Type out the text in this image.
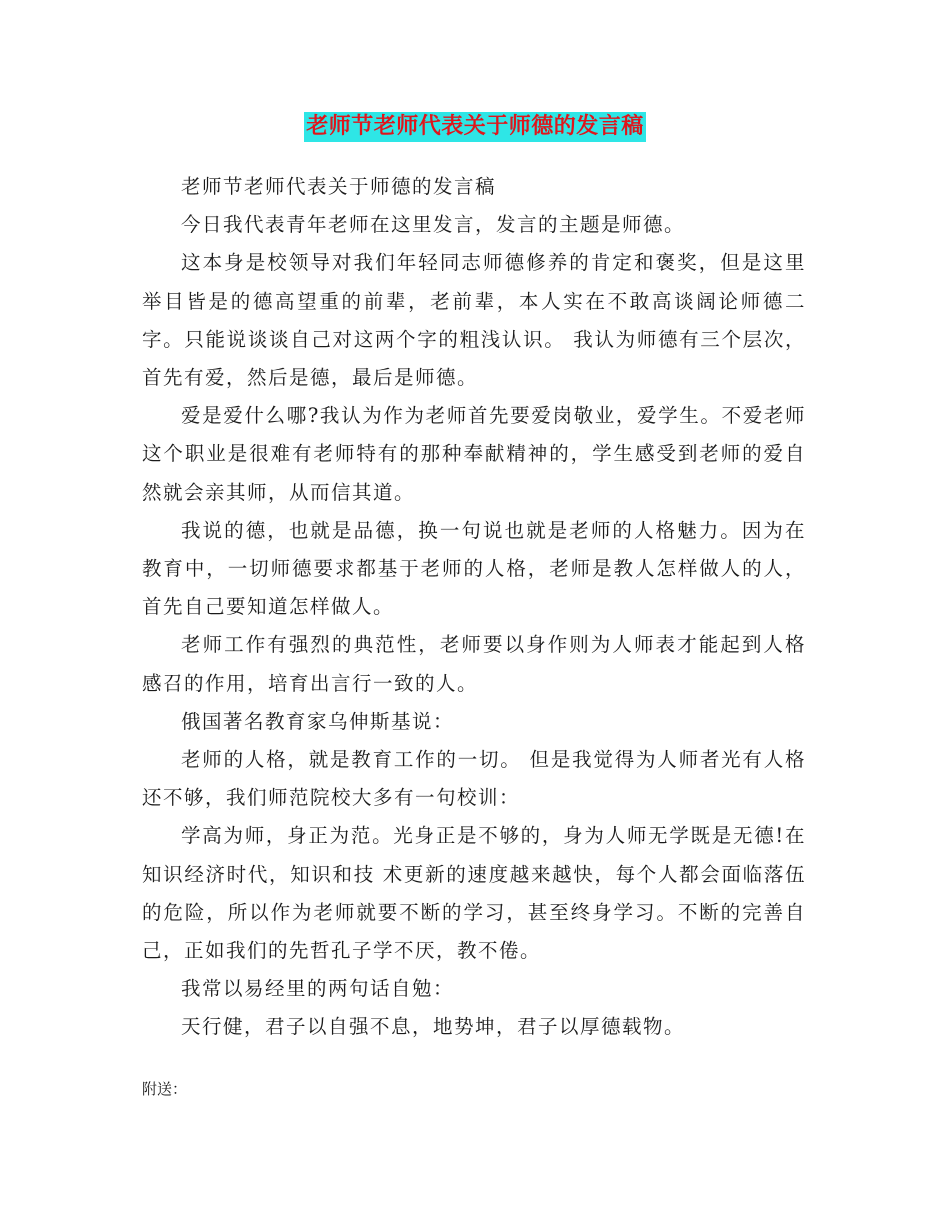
老师节老师代表关于师德的发言稿

老师节老师代表关于师德的发言稿

今日我代表青年老师在这里发言，发言的主题是师德。

这本身是校领导对我们年轻同志师德修养的肯定和褒奖，但是这里举目皆是的德高望重的前辈，老前辈，本人实在不敢高谈阔论师德二字。只能说谈谈自己对这两个字的粗浅认识。 我认为师德有三个层次，首先有爱，然后是德，最后是师德。

爱是爱什么哪?我认为作为老师首先要爱岗敬业，爱学生。不爱老师这个职业是很难有老师特有的那种奉献精神的，学生感受到老师的爱自然就会亲其师，从而信其道。

我说的德，也就是品德，换一句说也就是老师的人格魅力。因为在教育中，一切师德要求都基于老师的人格，老师是教人怎样做人的人，首先自己要知道怎样做人。

老师工作有强烈的典范性，老师要以身作则为人师表才能起到人格感召的作用，培育出言行一致的人。

俄国著名教育家乌伸斯基说：

老师的人格，就是教育工作的一切。 但是我觉得为人师者光有人格还不够，我们师范院校大多有一句校训：

学高为师，身正为范。光身正是不够的，身为人师无学既是无德!在知识经济时代，知识和技 术更新的速度越来越快，每个人都会面临落伍的危险，所以作为老师就要不断的学习，甚至终身学习。不断的完善自己，正如我们的先哲孔子学不厌，教不倦。

我常以易经里的两句话自勉：

天行健，君子以自强不息，地势坤，君子以厚德载物。

附送：
